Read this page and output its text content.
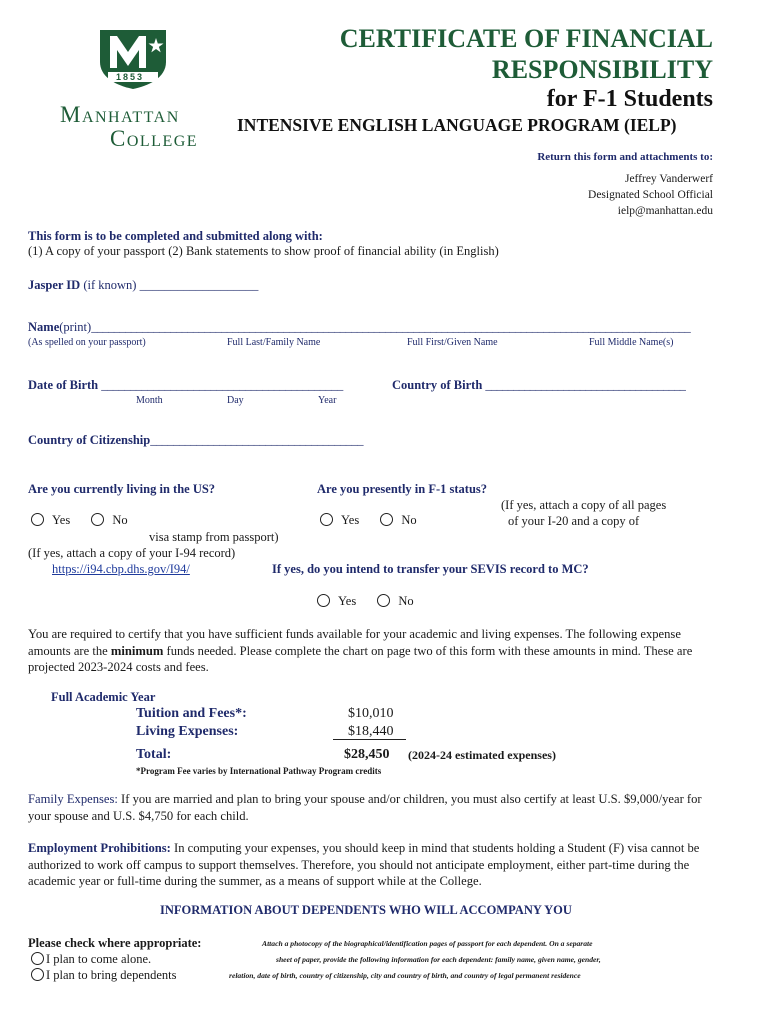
1853
Manhattan
College
CERTIFICATE OF FINANCIAL
RESPONSIBILITY
for F-1 Students
INTENSIVE ENGLISH LANGUAGE PROGRAM (IELP)
Return this form and attachments to:
Jeffrey Vanderwerf
Designated School Official
ielp@manhattan.edu
This form is to be completed and submitted along with:
(1) A copy of your passport (2) Bank statements to show proof of financial ability (in English)
Jasper ID (if known) ___________________
Name(print)__________________________________________________________________________________________________________
(As spelled on your passport)	Full Last/Family Name	Full First/Given Name	Full Middle Name(s)
Date of Birth __________________________________________
Month	Day	Year
Country of Birth ____________________________________
Country of Citizenship_____________________________________
Are you currently living in the US?
Yes	No
Are you presently in F-1 status?
(If yes, attach a copy of all pages
of your I-20 and a copy of
Yes	No
visa stamp from passport)
(If yes, attach a copy of your I-94 record)
https://i94.cbp.dhs.gov/I94/	If yes, do you intend to transfer your SEVIS record to MC?
Yes	No
You are required to certify that you have sufficient funds available for your academic and living expenses. The following expense amounts are the minimum funds needed. Please complete the chart on page two of this form with these amounts in mind. These are projected 2023-2024 costs and fees.
Full Academic Year
Tuition and Fees*:	$10,010
Living Expenses:	$18,440
Total:	$28,450 (2024-24 estimated expenses)
*Program Fee varies by International Pathway Program credits
Family Expenses: If you are married and plan to bring your spouse and/or children, you must also certify at least U.S. $9,000/year for your spouse and U.S. $4,750 for each child.
Employment Prohibitions: In computing your expenses, you should keep in mind that students holding a Student (F) visa cannot be authorized to work off campus to support themselves. Therefore, you should not anticipate employment, either part-time during the academic year or full-time during the summer, as a means of support while at the College.
INFORMATION ABOUT DEPENDENTS WHO WILL ACCOMPANY YOU
Please check where appropriate:
I plan to come alone.
I plan to bring dependents
Attach a photocopy of the biographical/identification pages of passport for each dependent. On a separate
sheet of paper, provide the following information for each dependent: family name, given name, gender,
relation, date of birth, country of citizenship, city and country of birth, and country of legal permanent residence
